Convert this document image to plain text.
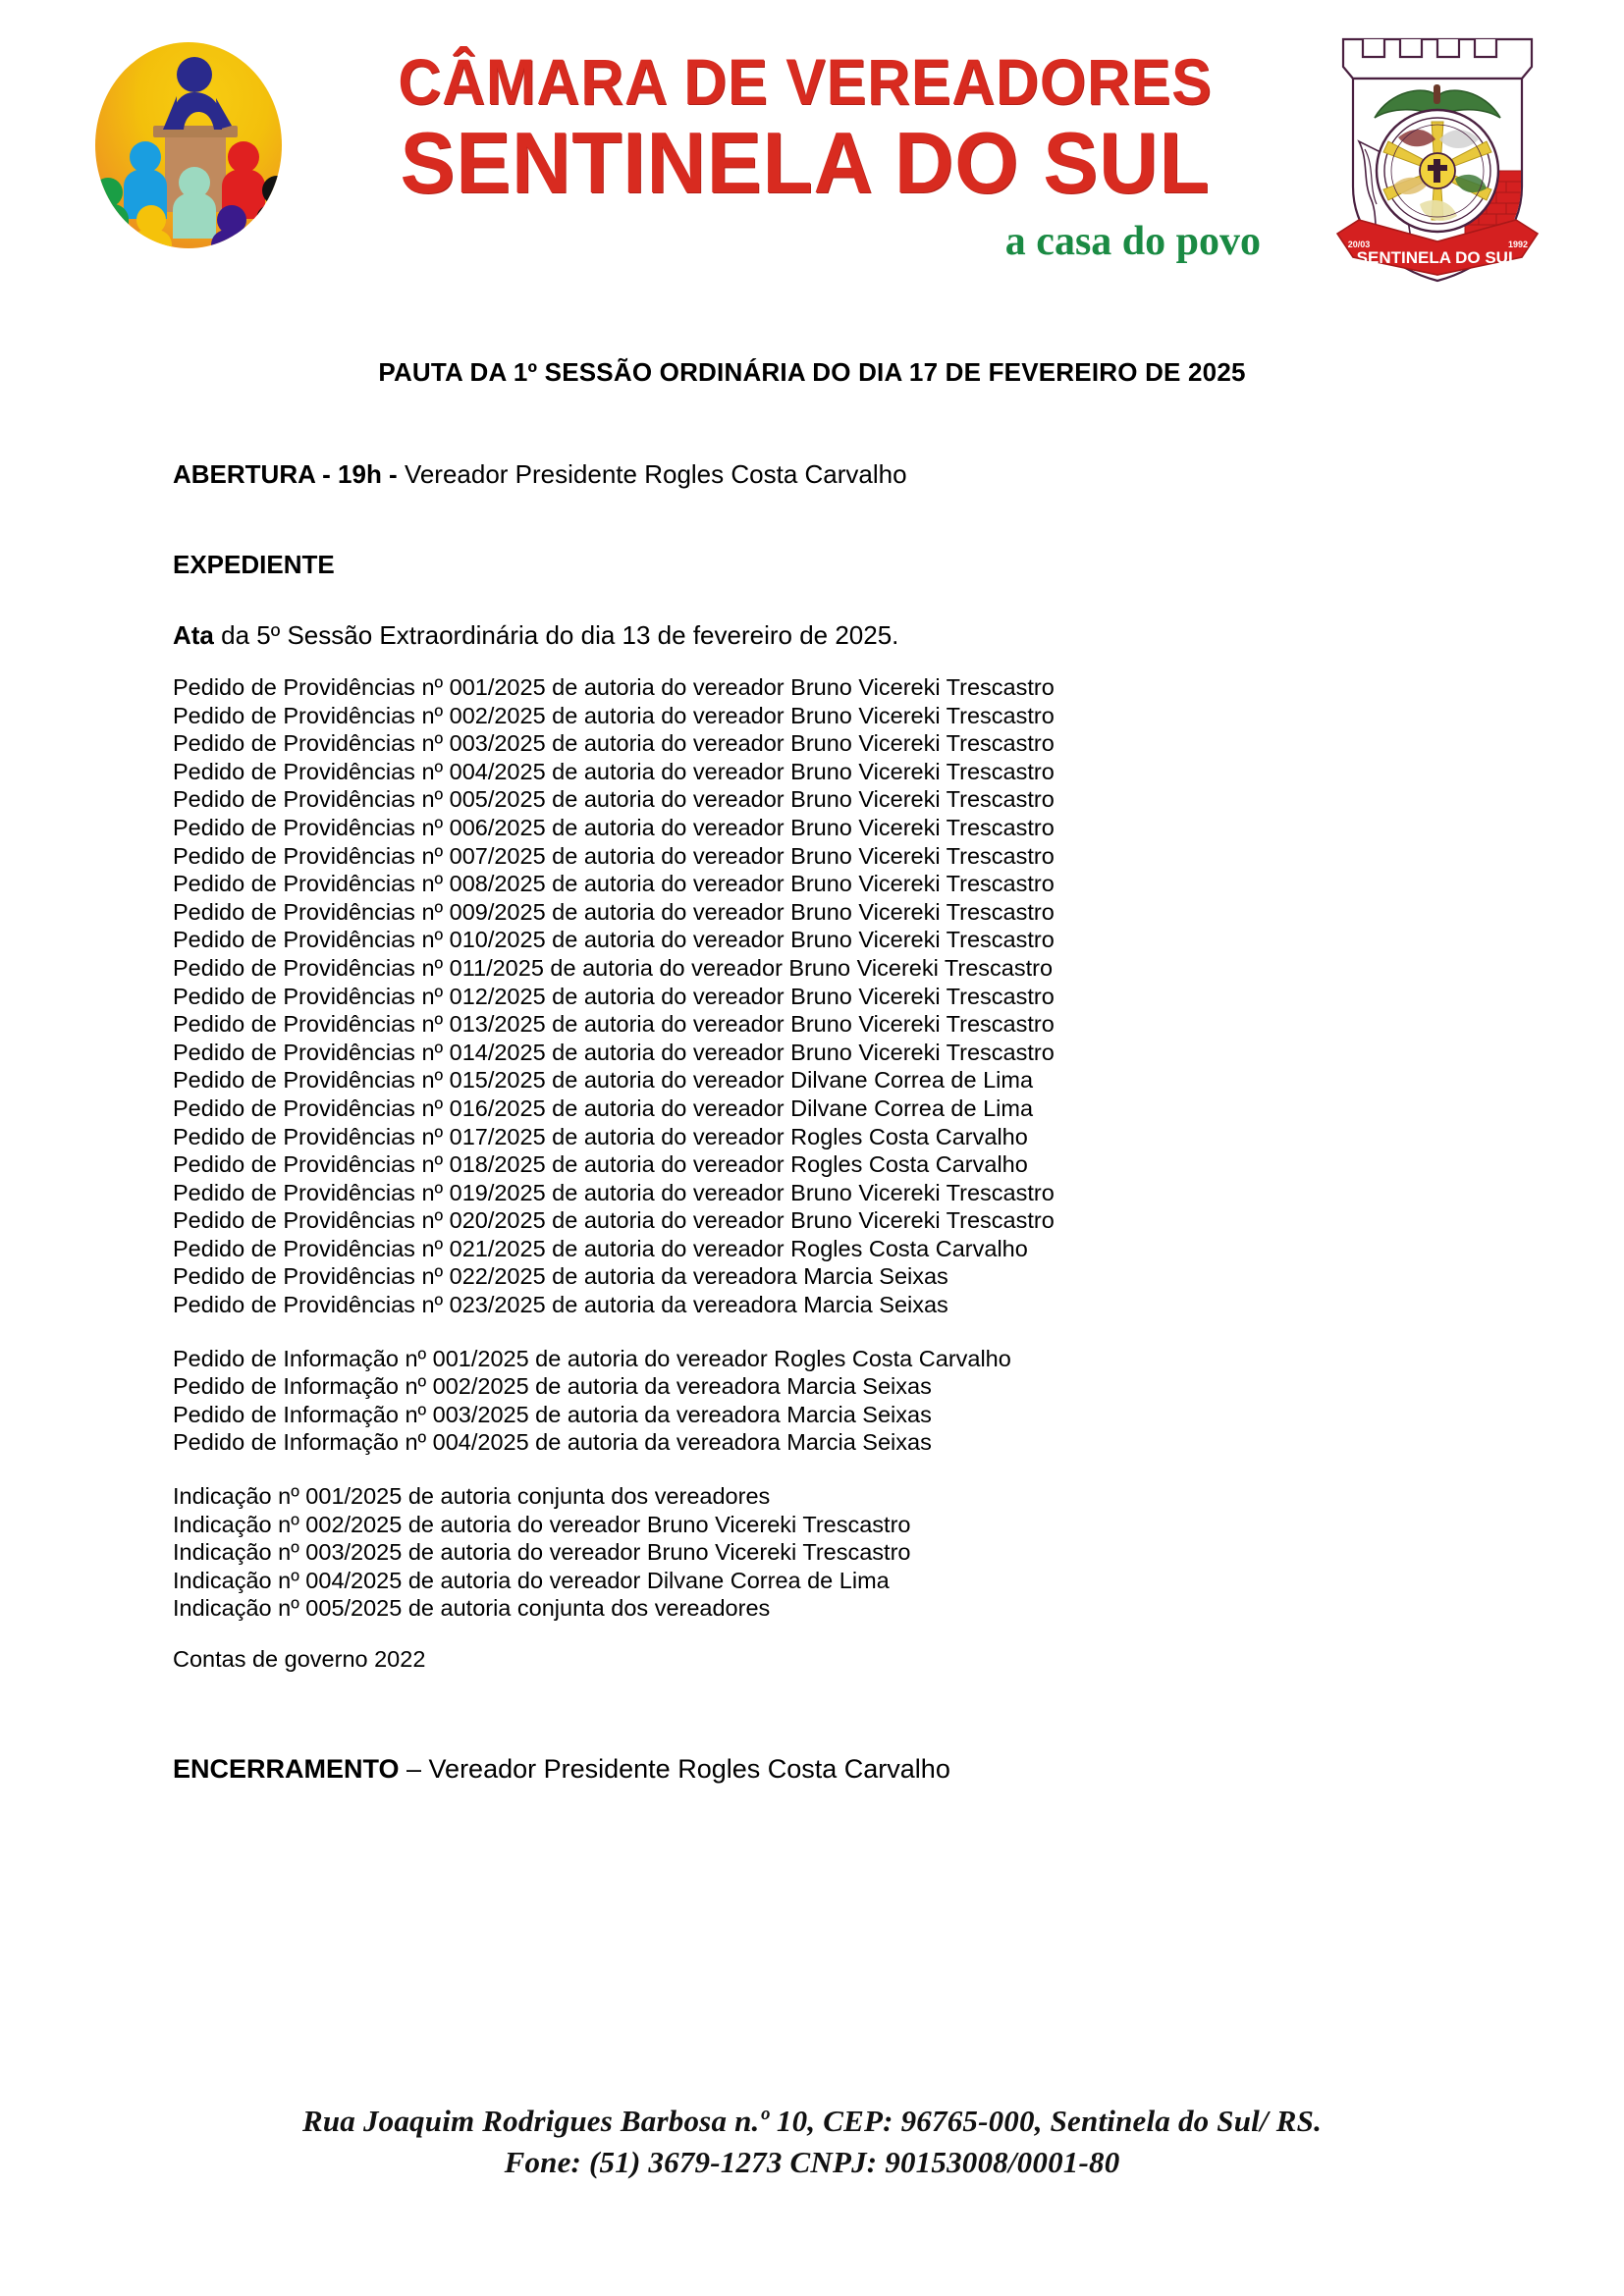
CÂMARA DE VEREADORES
SENTINELA DO SUL
a casa do povo	SENTINELA DO SUL
20/03	1992
PAUTA DA 1º SESSÃO ORDINÁRIA DO DIA 17 DE FEVEREIRO DE 2025
ABERTURA - 19h - Vereador Presidente Rogles Costa Carvalho
EXPEDIENTE
Ata da 5º Sessão Extraordinária do dia 13 de fevereiro de 2025.
Pedido de Providências nº 001/2025 de autoria do vereador Bruno Vicereki Trescastro
Pedido de Providências nº 002/2025 de autoria do vereador Bruno Vicereki Trescastro
Pedido de Providências nº 003/2025 de autoria do vereador Bruno Vicereki Trescastro
Pedido de Providências nº 004/2025 de autoria do vereador Bruno Vicereki Trescastro
Pedido de Providências nº 005/2025 de autoria do vereador Bruno Vicereki Trescastro
Pedido de Providências nº 006/2025 de autoria do vereador Bruno Vicereki Trescastro
Pedido de Providências nº 007/2025 de autoria do vereador Bruno Vicereki Trescastro
Pedido de Providências nº 008/2025 de autoria do vereador Bruno Vicereki Trescastro
Pedido de Providências nº 009/2025 de autoria do vereador Bruno Vicereki Trescastro
Pedido de Providências nº 010/2025 de autoria do vereador Bruno Vicereki Trescastro
Pedido de Providências nº 011/2025 de autoria do vereador Bruno Vicereki Trescastro
Pedido de Providências nº 012/2025 de autoria do vereador Bruno Vicereki Trescastro
Pedido de Providências nº 013/2025 de autoria do vereador Bruno Vicereki Trescastro
Pedido de Providências nº 014/2025 de autoria do vereador Bruno Vicereki Trescastro
Pedido de Providências nº 015/2025 de autoria do vereador Dilvane Correa de Lima
Pedido de Providências nº 016/2025 de autoria do vereador Dilvane Correa de Lima
Pedido de Providências nº 017/2025 de autoria do vereador Rogles Costa Carvalho
Pedido de Providências nº 018/2025 de autoria do vereador Rogles Costa Carvalho
Pedido de Providências nº 019/2025 de autoria do vereador Bruno Vicereki Trescastro
Pedido de Providências nº 020/2025 de autoria do vereador Bruno Vicereki Trescastro
Pedido de Providências nº 021/2025 de autoria do vereador Rogles Costa Carvalho
Pedido de Providências nº 022/2025 de autoria da vereadora Marcia Seixas
Pedido de Providências nº 023/2025 de autoria da vereadora Marcia Seixas
Pedido de Informação nº 001/2025 de autoria do vereador Rogles Costa Carvalho
Pedido de Informação nº 002/2025 de autoria da vereadora Marcia Seixas
Pedido de Informação nº 003/2025 de autoria da vereadora Marcia Seixas
Pedido de Informação nº 004/2025 de autoria da vereadora Marcia Seixas
Indicação nº 001/2025 de autoria conjunta dos vereadores
Indicação nº 002/2025 de autoria do vereador Bruno Vicereki Trescastro
Indicação nº 003/2025 de autoria do vereador Bruno Vicereki Trescastro
Indicação nº 004/2025 de autoria do vereador Dilvane Correa de Lima
Indicação nº 005/2025 de autoria conjunta dos vereadores
Contas de governo 2022
ENCERRAMENTO – Vereador Presidente Rogles Costa Carvalho
Rua Joaquim Rodrigues Barbosa n.º 10, CEP: 96765-000, Sentinela do Sul/ RS.
Fone: (51) 3679-1273 CNPJ: 90153008/0001-80
